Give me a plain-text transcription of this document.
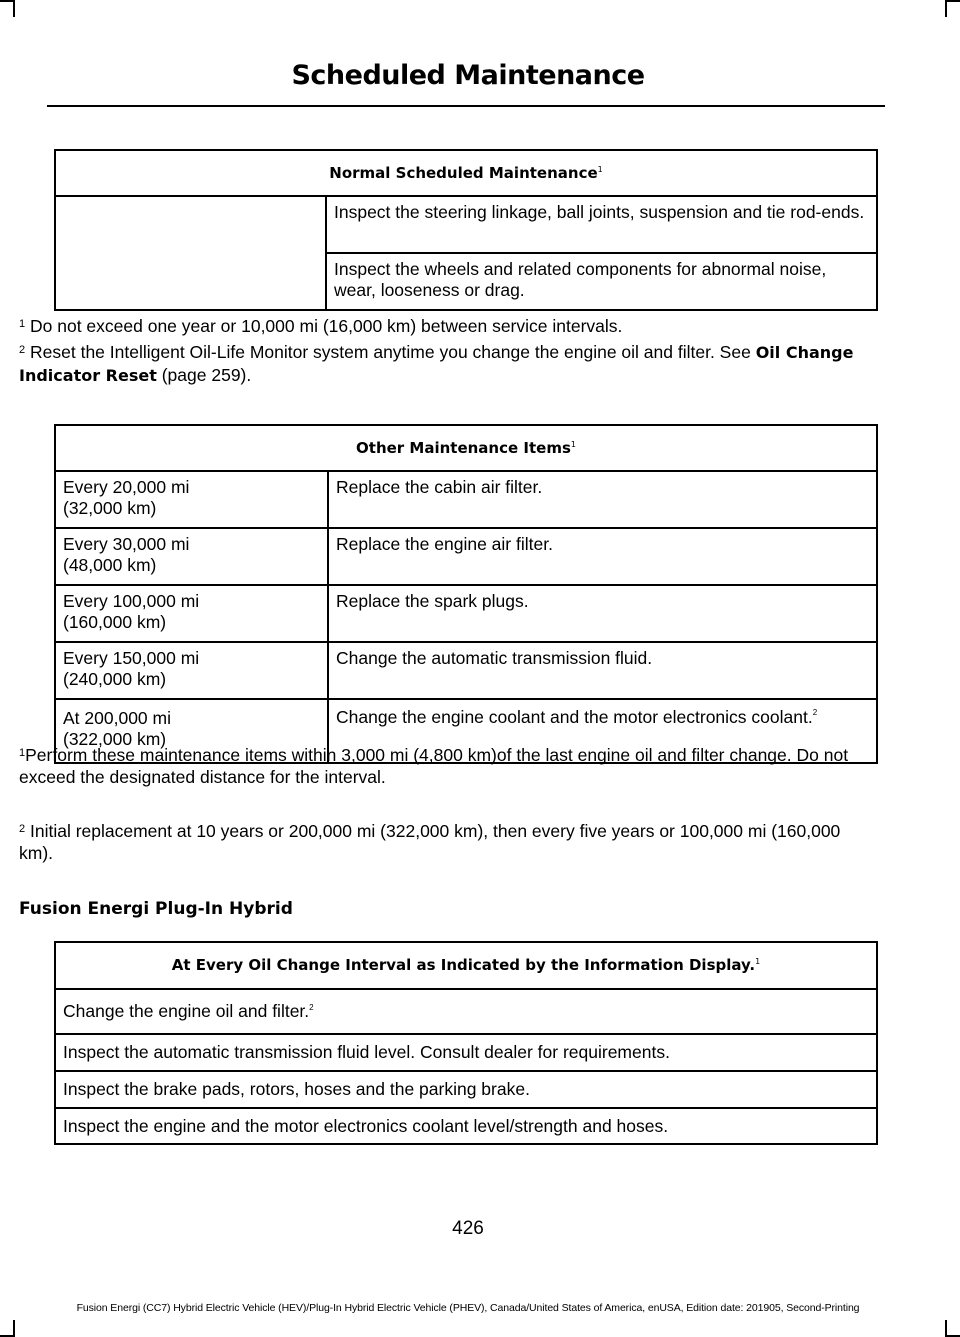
Scheduled Maintenance
Normal Scheduled Maintenance$^1$
	Inspect the steering linkage, ball joints, suspension and tie rod-ends.
Inspect the wheels and related components for abnormal noise, wear, looseness or drag.
$^1$ Do not exceed one year or 10,000 mi (16,000 km) between service intervals.
$^2$ Reset the Intelligent Oil-Life Monitor system anytime you change the engine oil and filter. See Oil Change Indicator Reset (page 259).
Other Maintenance Items$^1$
Every 20,000 mi
(32,000 km)	Replace the cabin air filter.
Every 30,000 mi
(48,000 km)	Replace the engine air filter.
Every 100,000 mi
(160,000 km)	Replace the spark plugs.
Every 150,000 mi
(240,000 km)	Change the automatic transmission fluid.
At 200,000 mi
(322,000 km)	Change the engine coolant and the motor electronics coolant.$^2$
$^1$Perform these maintenance items within 3,000 mi (4,800 km)of the last engine oil and filter change. Do not exceed the designated distance for the interval.
$^2$ Initial replacement at 10 years or 200,000 mi (322,000 km), then every five years or 100,000 mi (160,000 km).
Fusion Energi Plug-In Hybrid
At Every Oil Change Interval as Indicated by the Information Display.$^1$
Change the engine oil and filter.$^2$
Inspect the automatic transmission fluid level. Consult dealer for requirements.
Inspect the brake pads, rotors, hoses and the parking brake.
Inspect the engine and the motor electronics coolant level/strength and hoses.
426
Fusion Energi (CC7) Hybrid Electric Vehicle (HEV)/Plug-In Hybrid Electric Vehicle (PHEV), Canada/United States of America, enUSA, Edition date: 201905, Second-Printing
